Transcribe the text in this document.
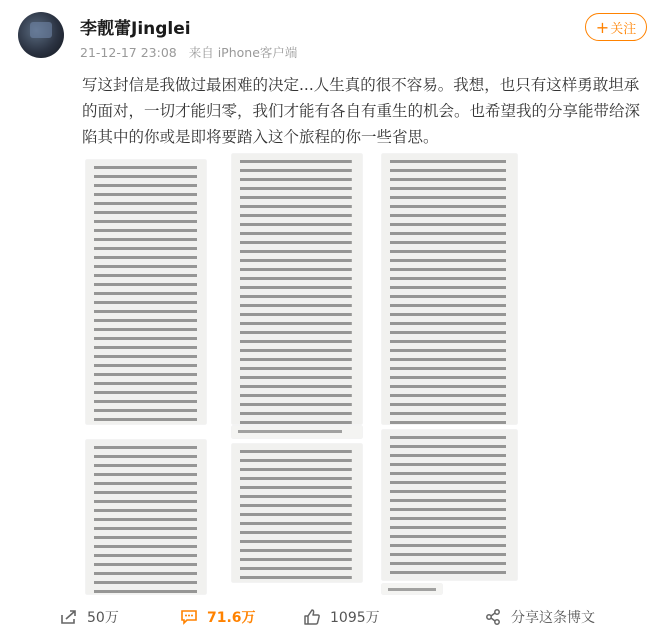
李靓蕾Jinglei
21-12-17 23:08 来自 iPhone客户端
+ 关注
写这封信是我做过最困难的决定...人生真的很不容易。我想，也只有这样勇敢坦承的面对，一切才能归零，我们才能有各自有重生的机会。也希望我的分享能带给深陷其中的你或是即将要踏入这个旅程的你一些省思。
50万	71.6万	1095万	分享这条博文
